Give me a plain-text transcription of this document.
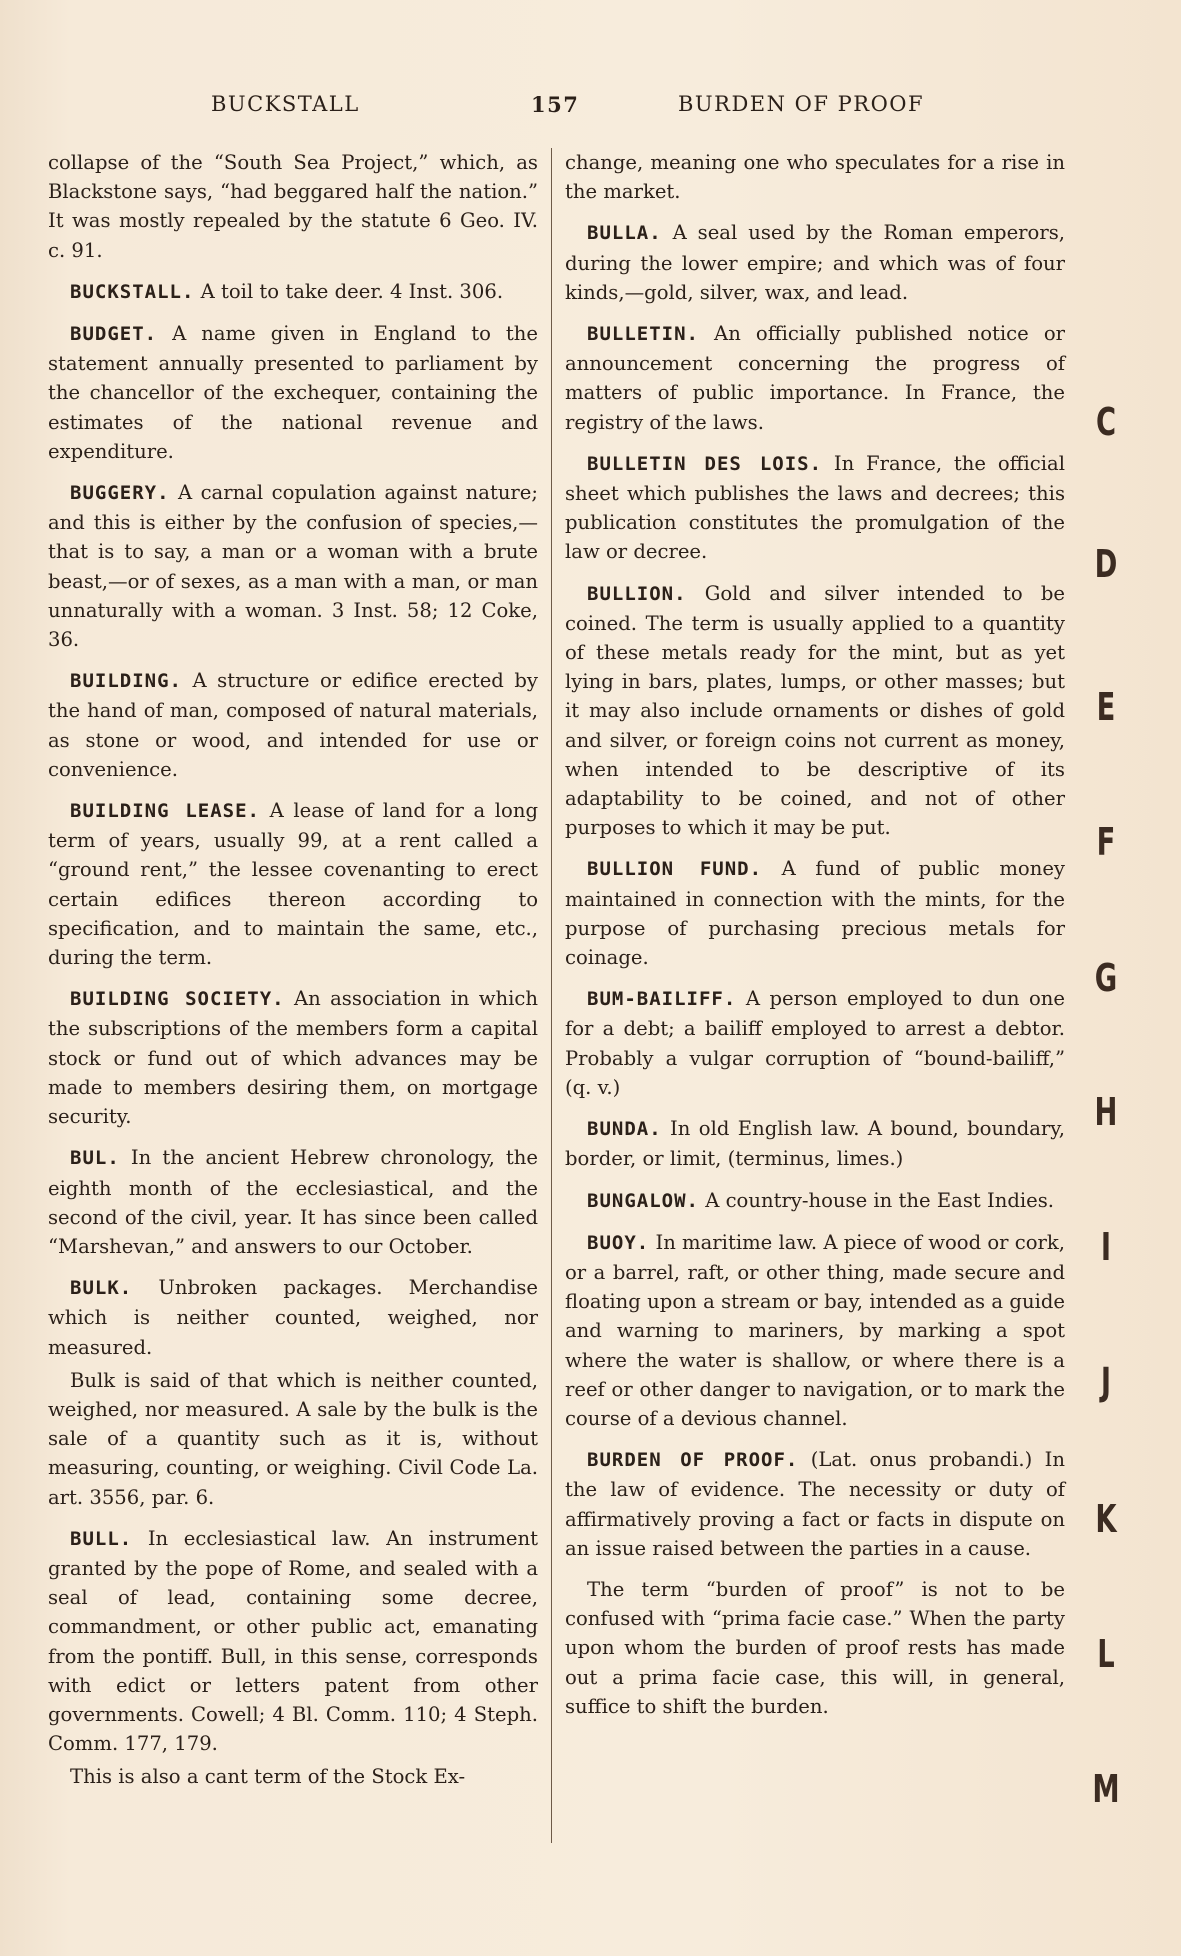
BUCKSTALL	157	BURDEN OF PROOF

collapse of the “South Sea Project,” which, as Blackstone says, “had beggared half the nation.” It was mostly repealed by the statute 6 Geo. IV. c. 91.

BUCKSTALL. A toil to take deer. 4 Inst. 306.

BUDGET. A name given in England to the statement annually presented to parliament by the chancellor of the exchequer, containing the estimates of the national revenue and expenditure.

BUGGERY. A carnal copulation against nature; and this is either by the confusion of species,—that is to say, a man or a woman with a brute beast,—or of sexes, as a man with a man, or man unnaturally with a woman. 3 Inst. 58; 12 Coke, 36.

BUILDING. A structure or edifice erected by the hand of man, composed of natural materials, as stone or wood, and intended for use or convenience.

BUILDING LEASE. A lease of land for a long term of years, usually 99, at a rent called a “ground rent,” the lessee covenanting to erect certain edifices thereon according to specification, and to maintain the same, etc., during the term.

BUILDING SOCIETY. An association in which the subscriptions of the members form a capital stock or fund out of which advances may be made to members desiring them, on mortgage security.

BUL. In the ancient Hebrew chronology, the eighth month of the ecclesiastical, and the second of the civil, year. It has since been called “Marshevan,” and answers to our October.

BULK. Unbroken packages. Merchandise which is neither counted, weighed, nor measured.

Bulk is said of that which is neither counted, weighed, nor measured. A sale by the bulk is the sale of a quantity such as it is, without measuring, counting, or weighing. Civil Code La. art. 3556, par. 6.

BULL. In ecclesiastical law. An instrument granted by the pope of Rome, and sealed with a seal of lead, containing some decree, commandment, or other public act, emanating from the pontiff. Bull, in this sense, corresponds with edict or letters patent from other governments. Cowell; 4 Bl. Comm. 110; 4 Steph. Comm. 177, 179.

This is also a cant term of the Stock Ex-

change, meaning one who speculates for a rise in the market.

BULLA. A seal used by the Roman emperors, during the lower empire; and which was of four kinds,—gold, silver, wax, and lead.

BULLETIN. An officially published notice or announcement concerning the progress of matters of public importance. In France, the registry of the laws.

BULLETIN DES LOIS. In France, the official sheet which publishes the laws and decrees; this publication constitutes the promulgation of the law or decree.

BULLION. Gold and silver intended to be coined. The term is usually applied to a quantity of these metals ready for the mint, but as yet lying in bars, plates, lumps, or other masses; but it may also include ornaments or dishes of gold and silver, or foreign coins not current as money, when intended to be descriptive of its adaptability to be coined, and not of other purposes to which it may be put.

BULLION FUND. A fund of public money maintained in connection with the mints, for the purpose of purchasing precious metals for coinage.

BUM-BAILIFF. A person employed to dun one for a debt; a bailiff employed to arrest a debtor. Probably a vulgar corruption of “bound-bailiff,” (q. v.)

BUNDA. In old English law. A bound, boundary, border, or limit, (terminus, limes.)

BUNGALOW. A country-house in the East Indies.

BUOY. In maritime law. A piece of wood or cork, or a barrel, raft, or other thing, made secure and floating upon a stream or bay, intended as a guide and warning to mariners, by marking a spot where the water is shallow, or where there is a reef or other danger to navigation, or to mark the course of a devious channel.

BURDEN OF PROOF. (Lat. onus probandi.) In the law of evidence. The necessity or duty of affirmatively proving a fact or facts in dispute on an issue raised between the parties in a cause.

The term “burden of proof” is not to be confused with “prima facie case.” When the party upon whom the burden of proof rests has made out a prima facie case, this will, in general, suffice to shift the burden.

C
D
E
F
G
H
I
J
K
L
M
